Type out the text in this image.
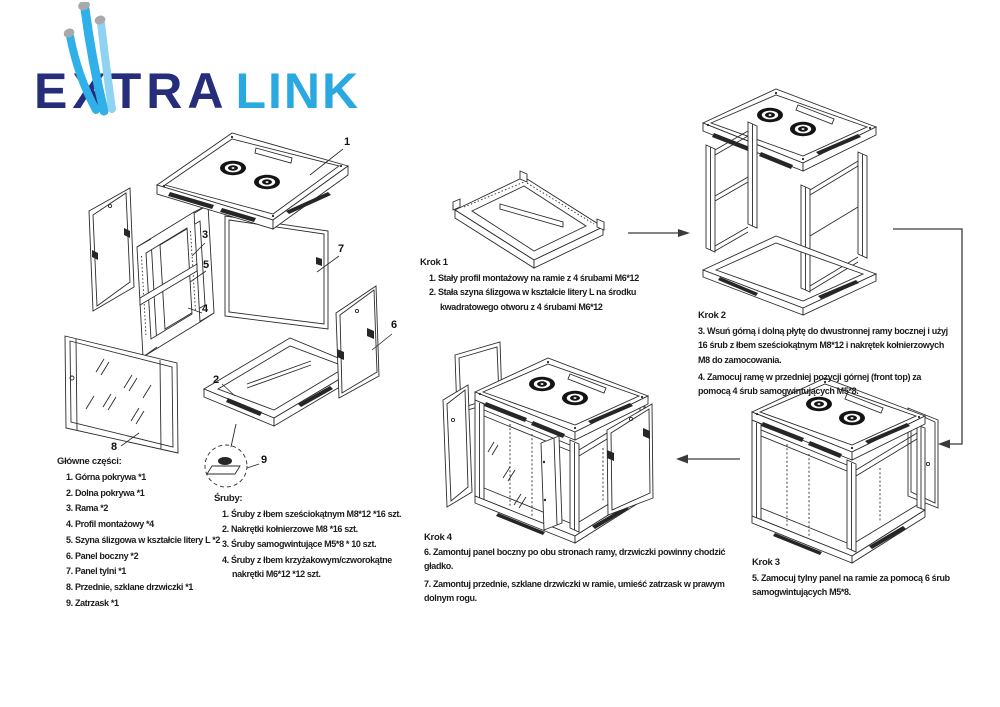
EXTRA LINK
1
2
3
4
5
6
7
8
9
Główne części:
1. Górna pokrywa *1
2. Dolna pokrywa *1
3. Rama *2
4. Profil montażowy *4
5. Szyna ślizgowa w kształcie litery L *2
6. Panel boczny *2
7. Panel tylni *1
8. Przednie, szklane drzwiczki *1
9. Zatrzask *1
Śruby:
1. Śruby z łbem sześciokątnym M8*12 *16 szt.
2. Nakrętki kołnierzowe M8 *16 szt.
3. Śruby samogwintujące M5*8 * 10 szt.
4. Śruby z łbem krzyżakowym/czworokątne
nakrętki M6*12 *12 szt.
Krok 1
1. Stały profil montażowy na ramie z 4 śrubami M6*12
2. Stała szyna ślizgowa w kształcie litery L na środku
kwadratowego otworu z 4 śrubami M6*12
Krok 2
3. Wsuń górną i dolną płytę do dwustronnej ramy bocznej i użyj
16 śrub z łbem sześciokątnym M8*12 i nakrętek kołnierzowych
M8 do zamocowania.
4. Zamocuj ramę w przedniej pozycji górnej (front top) za
pomocą 4 śrub samogwintujących M5*8.
Krok 3
5. Zamocuj tylny panel na ramie za pomocą 6 śrub
samogwintujących M5*8.
Krok 4
6. Zamontuj panel boczny po obu stronach ramy, drzwiczki powinny chodzić
gładko.
7. Zamontuj przednie, szklane drzwiczki w ramie, umieść zatrzask w prawym
dolnym rogu.
